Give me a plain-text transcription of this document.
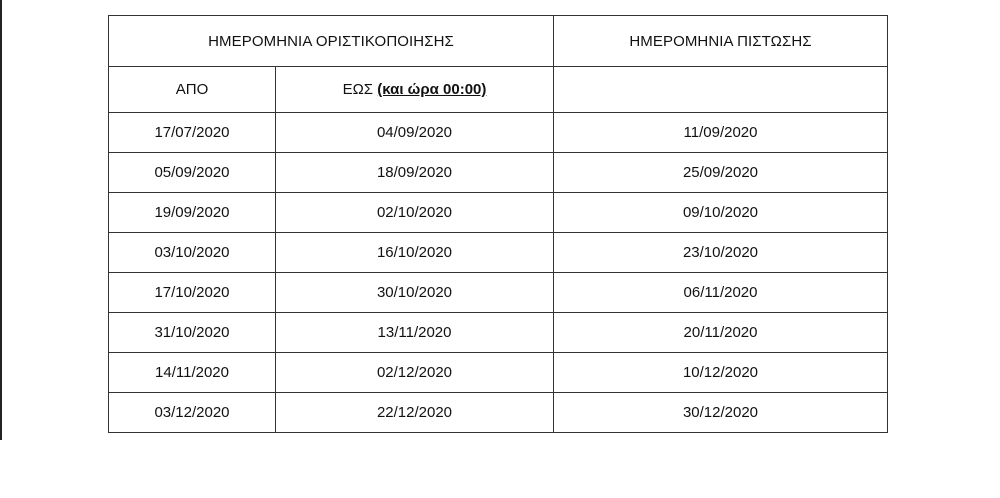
ΗΜΕΡΟΜΗΝΙΑ ΟΡΙΣΤΙΚΟΠΟΙΗΣΗΣ		ΗΜΕΡΟΜΗΝΙΑ ΠΙΣΤΩΣΗΣ
ΑΠΟ	ΕΩΣ (και ώρα 00:00)	
17/07/2020	04/09/2020	11/09/2020
05/09/2020	18/09/2020	25/09/2020
19/09/2020	02/10/2020	09/10/2020
03/10/2020	16/10/2020	23/10/2020
17/10/2020	30/10/2020	06/11/2020
31/10/2020	13/11/2020	20/11/2020
14/11/2020	02/12/2020	10/12/2020
03/12/2020	22/12/2020	30/12/2020
